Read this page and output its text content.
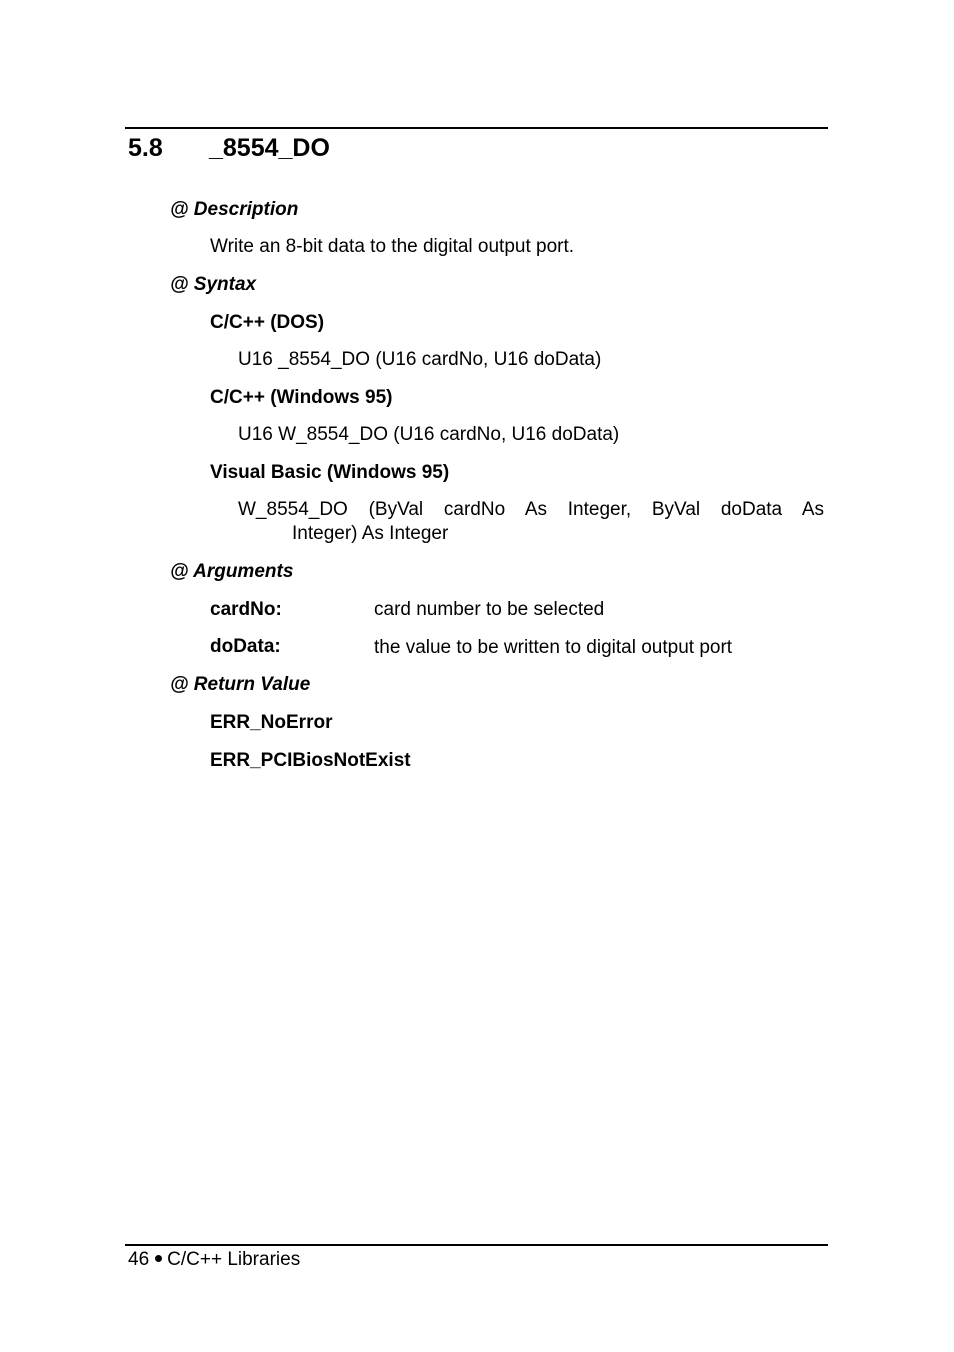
5.8 _8554_DO
@ Description
Write an 8-bit data to the digital output port.
@ Syntax
C/C++ (DOS)
U16 _8554_DO (U16 cardNo, U16 doData)
C/C++ (Windows 95)
U16 W_8554_DO (U16 cardNo, U16 doData)
Visual Basic (Windows 95)
W_8554_DO (ByVal cardNo As Integer, ByVal doData As
Integer) As Integer
@ Arguments
cardNo:	card number to be selected
doData:	the value to be written to digital output port
@ Return Value
ERR_NoError
ERR_PCIBiosNotExist
46 C/C++ Libraries
